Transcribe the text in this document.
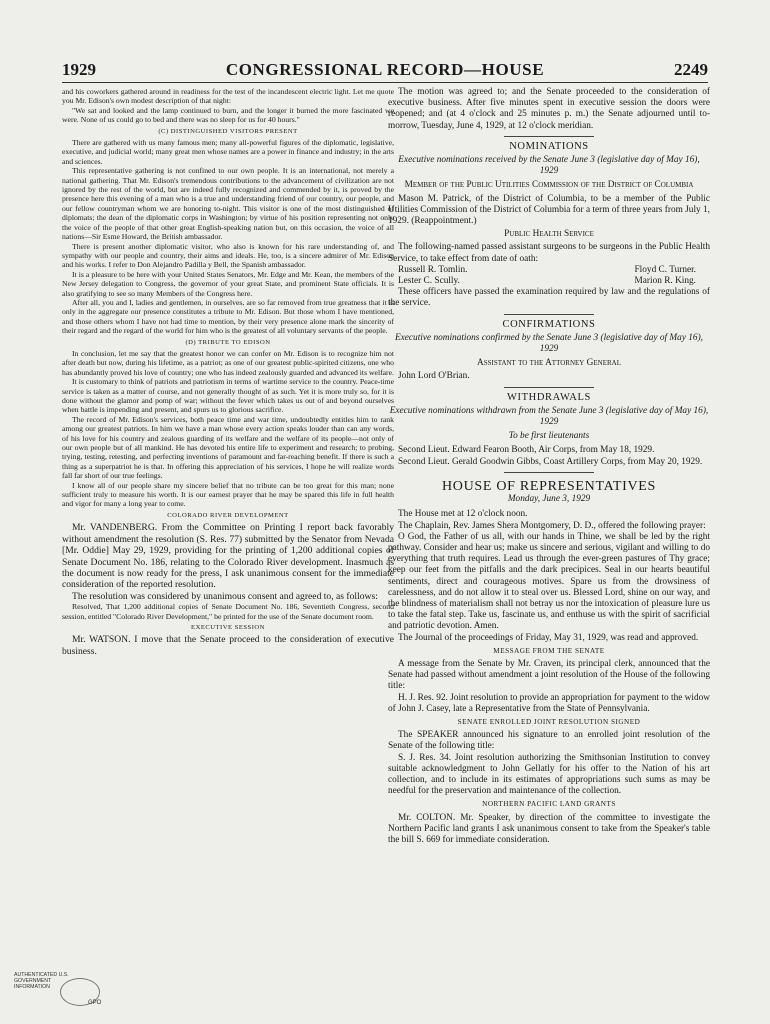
1929	CONGRESSIONAL RECORD—HOUSE	2249

and his coworkers gathered around in readiness for the test of the incandescent electric light. Let me quote you Mr. Edison's own modest description of that night:

"We sat and looked and the lamp continued to burn, and the longer it burned the more fascinated we were. None of us could go to bed and there was no sleep for us for 40 hours."

(C) DISTINGUISHED VISITORS PRESENT

There are gathered with us many famous men; many all-powerful figures of the diplomatic, legislative, executive, and judicial world; many great men whose names are a power in finance and industry; in the arts and sciences.

This representative gathering is not confined to our own people. It is an international, not merely a national gathering. That Mr. Edison's tremendous contributions to the advancement of civilization are not ignored by the rest of the world, but are indeed fully recognized and commended by it, is proved by the presence here this evening of a man who is a true and understanding friend of our country, our people, and our fellow countryman whom we are honoring to-night. This visitor is one of the most distinguished of diplomats; the dean of the diplomatic corps in Washington; by virtue of his position representing not only the voice of the people of that other great English-speaking nation but, on this occasion, the voice of all nations—Sir Esme Howard, the British ambassador.

There is present another diplomatic visitor, who also is known for his rare understanding of, and sympathy with our people and country, their aims and ideals. He, too, is a sincere admirer of Mr. Edison and his works. I refer to Don Alejandro Padilla y Bell, the Spanish ambassador.

It is a pleasure to be here with your United States Senators, Mr. Edge and Mr. Kean, the members of the New Jersey delegation to Congress, the governor of your great State, and prominent State officials. It is also gratifying to see so many Members of the Congress here.

After all, you and I, ladies and gentlemen, in ourselves, are so far removed from true greatness that it is only in the aggregate our presence constitutes a tribute to Mr. Edison. But those whom I have mentioned, and those others whom I have not had time to mention, by their very presence alone mark the sincerity of their regard and the regard of the world for him who is the greatest of all voluntary servants of the people.

(D) TRIBUTE TO EDISON

In conclusion, let me say that the greatest honor we can confer on Mr. Edison is to recognize him not after death but now, during his lifetime, as a patriot; as one of our greatest public-spirited citizens, one who has abundantly proved his love of country; one who has indeed zealously guarded and advanced its welfare.

It is customary to think of patriots and patriotism in terms of wartime service to the country. Peace-time service is taken as a matter of course, and not generally thought of as such. Yet it is more truly so, for it is done without the glamor and pomp of war; without the fever which takes us out of and beyond ourselves when battle is impending and present, and spurs us to glorious sacrifice.

The record of Mr. Edison's services, both peace time and war time, undoubtedly entitles him to rank among our greatest patriots. In him we have a man whose every action speaks louder than can any words, of his love for his country and zealous guarding of its welfare and the welfare of its people—not only of our own people but of all mankind. He has devoted his entire life to experiment and research; to probing, trying, testing, retesting, and perfecting inventions of paramount and far-reaching benefit. If there is such a thing as a superpatriot he is that. In offering this appreciation of his services, I hope he will realize words fall far short of our true feelings.

I know all of our people share my sincere belief that no tribute can be too great for this man; none sufficient truly to measure his worth. It is our earnest prayer that he may be spared this life in full health and vigor for many a long year to come.

COLORADO RIVER DEVELOPMENT

Mr. VANDENBERG. From the Committee on Printing I report back favorably without amendment the resolution (S. Res. 77) submitted by the Senator from Nevada [Mr. Oddie] May 29, 1929, providing for the printing of 1,200 additional copies of Senate Document No. 186, relating to the Colorado River development. Inasmuch as the document is now ready for the press, I ask unanimous consent for the immediate consideration of the reported resolution.

The resolution was considered by unanimous consent and agreed to, as follows:

Resolved, That 1,200 additional copies of Senate Document No. 186, Seventieth Congress, second session, entitled "Colorado River Development," be printed for the use of the Senate document room.

EXECUTIVE SESSION

Mr. WATSON. I move that the Senate proceed to the consideration of executive business.

The motion was agreed to; and the Senate proceeded to the consideration of executive business. After five minutes spent in executive session the doors were reopened; and (at 4 o'clock and 25 minutes p. m.) the Senate adjourned until to-morrow, Tuesday, June 4, 1929, at 12 o'clock meridian.

NOMINATIONS
Executive nominations received by the Senate June 3 (legislative day of May 16), 1929
Member of the Public Utilities Commission of the District of Columbia

Mason M. Patrick, of the District of Columbia, to be a member of the Public Utilities Commission of the District of Columbia for a term of three years from July 1, 1929. (Reappointment.)

Public Health Service

The following-named passed assistant surgeons to be surgeons in the Public Health Service, to take effect from date of oath:

Russell R. Tomlin.	Floyd C. Turner.
Lester C. Scully.	Marion R. King.

These officers have passed the examination required by law and the regulations of the service.

CONFIRMATIONS
Executive nominations confirmed by the Senate June 3 (legislative day of May 16), 1929
Assistant to the Attorney General

John Lord O'Brian.

WITHDRAWALS
Executive nominations withdrawn from the Senate June 3 (legislative day of May 16), 1929
To be first lieutenants

Second Lieut. Edward Fearon Booth, Air Corps, from May 18, 1929.

Second Lieut. Gerald Goodwin Gibbs, Coast Artillery Corps, from May 20, 1929.

HOUSE OF REPRESENTATIVES
Monday, June 3, 1929

The House met at 12 o'clock noon.

The Chaplain, Rev. James Shera Montgomery, D. D., offered the following prayer:

O God, the Father of us all, with our hands in Thine, we shall be led by the right pathway. Consider and hear us; make us sincere and serious, vigilant and willing to do everything that truth requires. Lead us through the ever-green pastures of Thy grace; keep our feet from the pitfalls and the dark precipices. Seal in our hearts beautiful sentiments, direct and courageous motives. Spare us from the drowsiness of carelessness, and do not allow it to steal over us. Blessed Lord, shine on our way, and the blindness of materialism shall not betray us nor the intoxication of pleasure lure us to take the fatal step. Take us, fascinate us, and enthuse us with the spirit of sacrificial and patriotic devotion. Amen.

The Journal of the proceedings of Friday, May 31, 1929, was read and approved.

MESSAGE FROM THE SENATE

A message from the Senate by Mr. Craven, its principal clerk, announced that the Senate had passed without amendment a joint resolution of the House of the following title:

H. J. Res. 92. Joint resolution to provide an appropriation for payment to the widow of John J. Casey, late a Representative from the State of Pennsylvania.

SENATE ENROLLED JOINT RESOLUTION SIGNED

The SPEAKER announced his signature to an enrolled joint resolution of the Senate of the following title:

S. J. Res. 34. Joint resolution authorizing the Smithsonian Institution to convey suitable acknowledgment to John Gellatly for his offer to the Nation of his art collection, and to include in its estimates of appropriations such sums as may be needful for the preservation and maintenance of the collection.

NORTHERN PACIFIC LAND GRANTS

Mr. COLTON. Mr. Speaker, by direction of the committee to investigate the Northern Pacific land grants I ask unanimous consent to take from the Speaker's table the bill S. 669 for immediate consideration.

AUTHENTICATED U.S. GOVERNMENT INFORMATION
GPO
